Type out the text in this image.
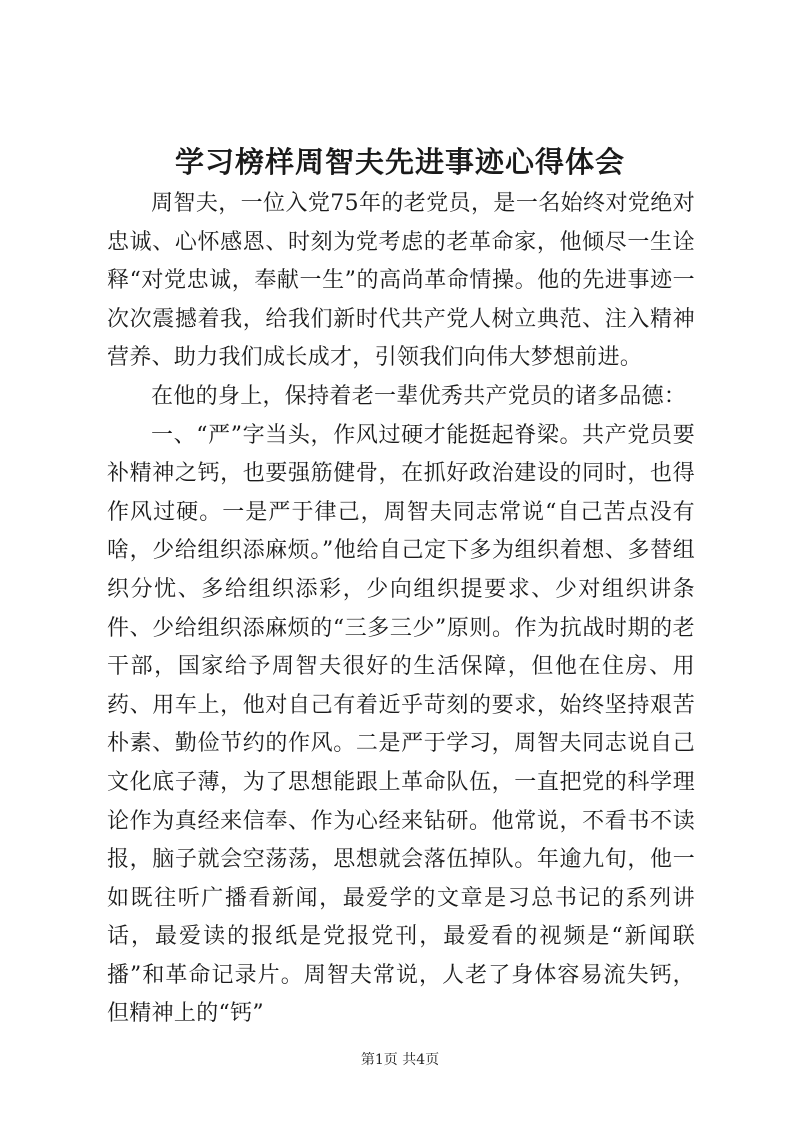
学习榜样周智夫先进事迹心得体会

周智夫，一位入党75年的老党员，是一名始终对党绝对忠诚、心怀感恩、时刻为党考虑的老革命家，他倾尽一生诠释“对党忠诚，奉献一生”的高尚革命情操。他的先进事迹一次次震撼着我，给我们新时代共产党人树立典范、注入精神营养、助力我们成长成才，引领我们向伟大梦想前进。

在他的身上，保持着老一辈优秀共产党员的诸多品德：

一、“严”字当头，作风过硬才能挺起脊梁。共产党员要补精神之钙，也要强筋健骨，在抓好政治建设的同时，也得作风过硬。一是严于律己，周智夫同志常说“自己苦点没有啥，少给组织添麻烦。”他给自己定下多为组织着想、多替组织分忧、多给组织添彩，少向组织提要求、少对组织讲条件、少给组织添麻烦的“三多三少”原则。作为抗战时期的老干部，国家给予周智夫很好的生活保障，但他在住房、用药、用车上，他对自己有着近乎苛刻的要求，始终坚持艰苦朴素、勤俭节约的作风。二是严于学习，周智夫同志说自己文化底子薄，为了思想能跟上革命队伍，一直把党的科学理论作为真经来信奉、作为心经来钻研。他常说，不看书不读报，脑子就会空荡荡，思想就会落伍掉队。年逾九旬，他一如既往听广播看新闻，最爱学的文章是习总书记的系列讲话，最爱读的报纸是党报党刊，最爱看的视频是“新闻联播”和革命记录片。周智夫常说，人老了身体容易流失钙，但精神上的“钙”

第1页 共4页
